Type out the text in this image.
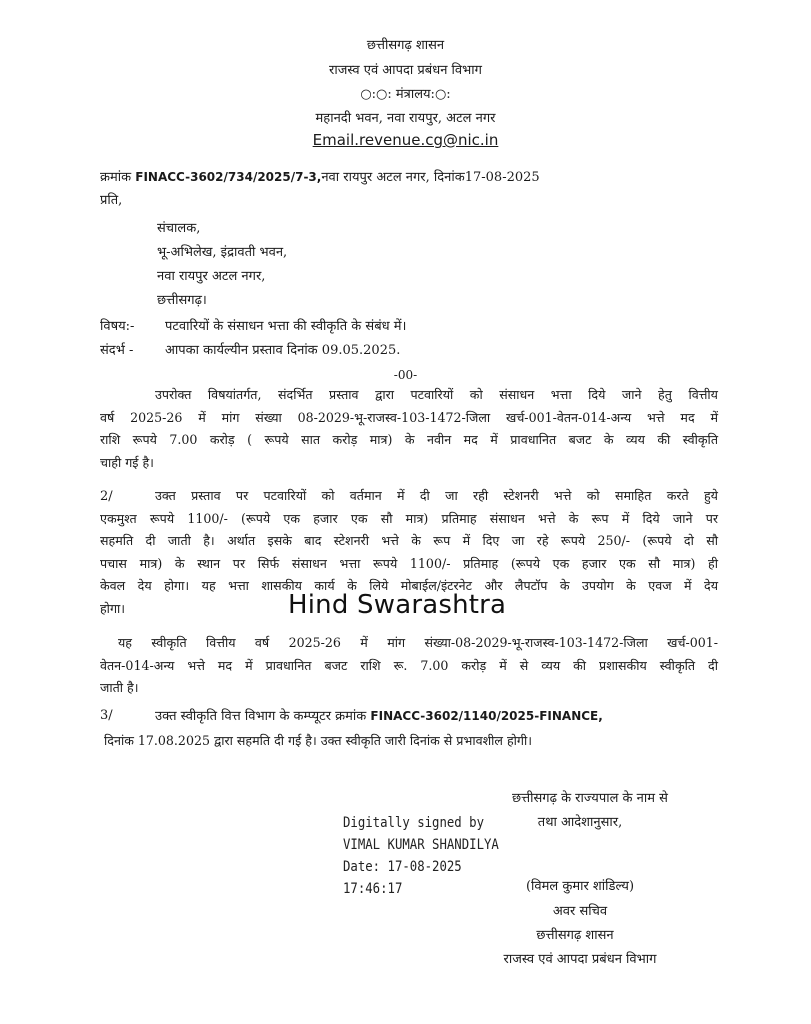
छत्तीसगढ़ शासन
राजस्व एवं आपदा प्रबंधन विभाग
○:○: मंत्रालय:○:
महानदी भवन, नवा रायपुर, अटल नगर
Email.revenue.cg@nic.in
क्रमांक FINACC-3602/734/2025/7-3,नवा रायपुर अटल नगर, दिनांक17-08-2025
प्रति,
संचालक,
भू-अभिलेख, इंद्रावती भवन,
नवा रायपुर अटल नगर,
छत्तीसगढ़।
विषय:- पटवारियों के संसाधन भत्ता की स्वीकृति के संबंध में।
संदर्भ - आपका कार्यल्यीन प्रस्ताव दिनांक 09.05.2025.
-00-
उपरोक्त विषयांतर्गत, संदर्भित प्रस्ताव द्वारा पटवारियों को संसाधन भत्ता दिये जाने हेतु वित्तीय
वर्ष 2025-26 में मांग संख्या 08-2029-भू-राजस्व-103-1472-जिला खर्च-001-वेतन-014-अन्य भत्ते मद में
राशि रूपये 7.00 करोड़ ( रूपये सात करोड़ मात्र) के नवीन मद में प्रावधानित बजट के व्यय की स्वीकृति
चाही गई है।
2/	उक्त प्रस्ताव पर पटवारियों को वर्तमान में दी जा रही स्टेशनरी भत्ते को समाहित करते हुये
एकमुश्त रूपये 1100/- (रूपये एक हजार एक सौ मात्र) प्रतिमाह संसाधन भत्ते के रूप में दिये जाने पर
सहमति दी जाती है। अर्थात इसके बाद स्टेशनरी भत्ते के रूप में दिए जा रहे रूपये 250/- (रूपये दो सौ
पचास मात्र) के स्थान पर सिर्फ संसाधन भत्ता रूपये 1100/- प्रतिमाह (रूपये एक हजार एक सौ मात्र) ही
केवल देय होगा। यह भत्ता शासकीय कार्य के लिये मोबाईल/इंटरनेट और लैपटॉप के उपयोग के एवज में देय
होगा।	Hind Swarashtra
यह स्वीकृति वित्तीय वर्ष 2025-26 में मांग संख्या-08-2029-भू-राजस्व-103-1472-जिला खर्च-001-
वेतन-014-अन्य भत्ते मद में प्रावधानित बजट राशि रू. 7.00 करोड़ में से व्यय की प्रशासकीय स्वीकृति दी
जाती है।
3/	उक्त स्वीकृति वित्त विभाग के कम्प्यूटर क्रमांक FINACC-3602/1140/2025-FINANCE,
दिनांक 17.08.2025 द्वारा सहमति दी गई है। उक्त स्वीकृति जारी दिनांक से प्रभावशील होगी।
छत्तीसगढ़ के राज्यपाल के नाम से
तथा आदेशानुसार,
(विमल कुमार शांडिल्य)
अवर सचिव
छत्तीसगढ़ शासन
राजस्व एवं आपदा प्रबंधन विभाग
Digitally signed by
VIMAL KUMAR SHANDILYA
Date: 17-08-2025
17:46:17
